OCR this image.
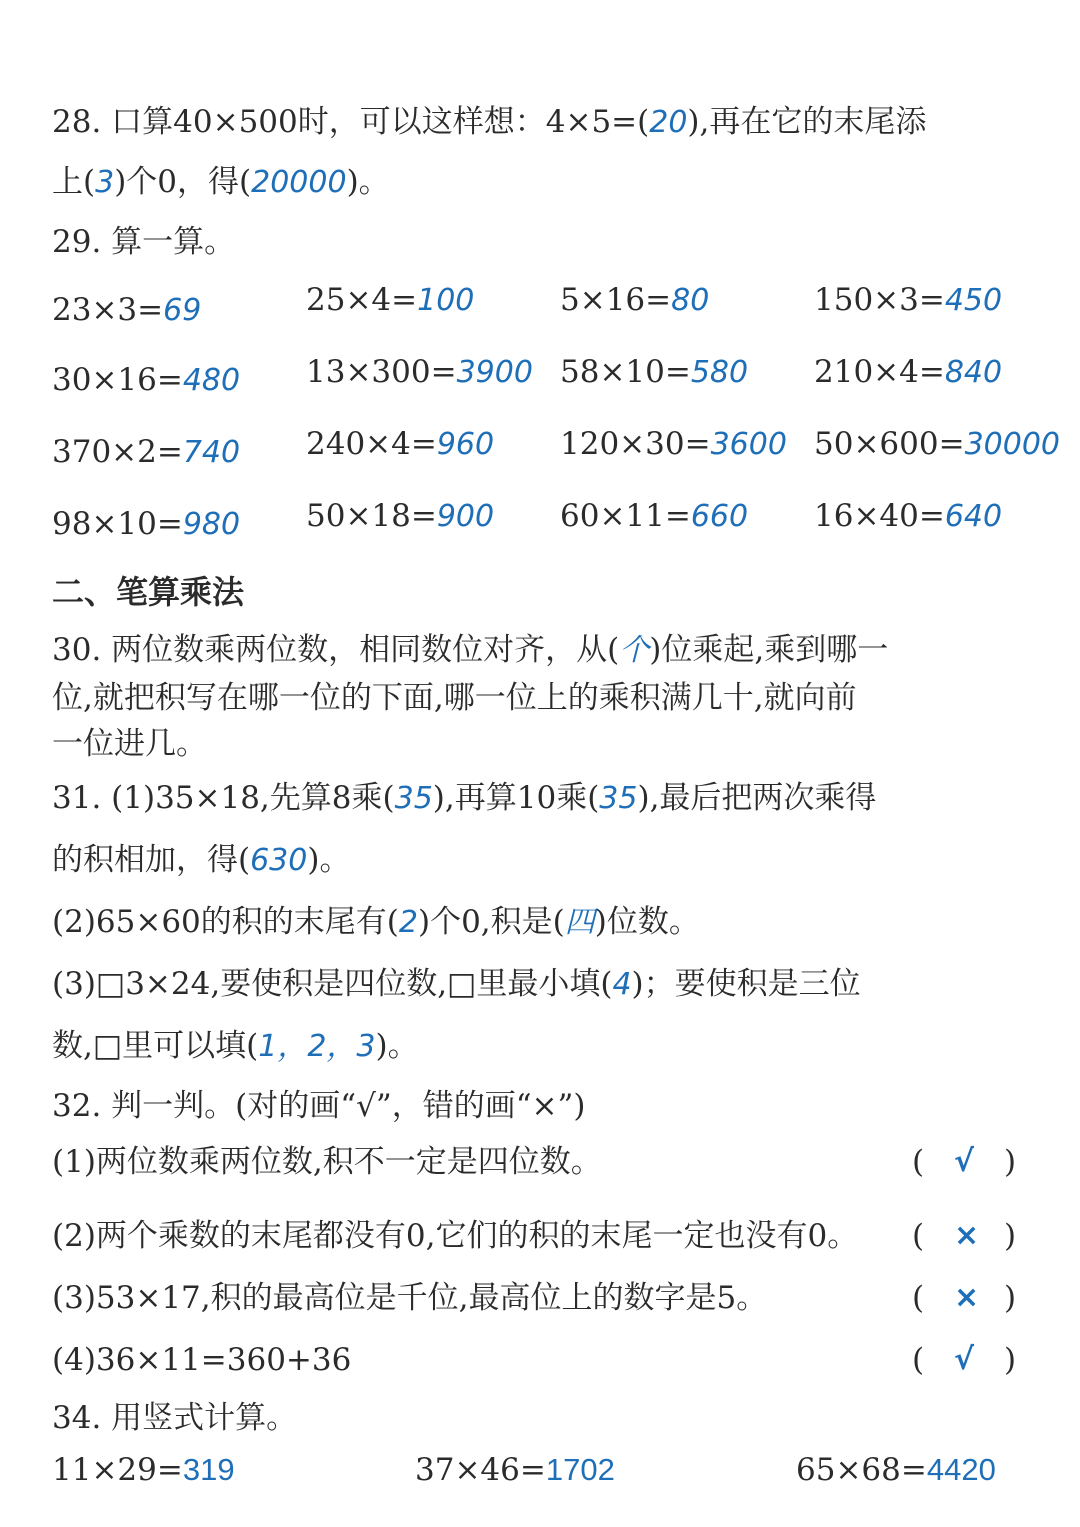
28. 口算40×500时，可以这样想：4×5=(20),再在它的末尾添
上(3)个0，得(20000)。
29. 算一算。
23×3=69	25×4=100	5×16=80	150×3=450
30×16=480 13×300=3900 58×10=580 210×4=840
370×2=740 240×4=960 120×30=3600 50×600=30000
98×10=980 50×18=900 60×11=660 16×40=640
二、笔算乘法
30. 两位数乘两位数，相同数位对齐，从(个)位乘起,乘到哪一
位,就把积写在哪一位的下面,哪一位上的乘积满几十,就向前
一位进几。
31. (1)35×18,先算8乘(35),再算10乘(35),最后把两次乘得
的积相加，得(630)。
(2)65×60的积的末尾有(2)个0,积是(四)位数。
(3)□3×24,要使积是四位数,□里最小填(4)；要使积是三位
数,□里可以填(1，2，3)。
32. 判一判。(对的画“√”，错的画“×”)
(1)两位数乘两位数,积不一定是四位数。	( √ )
(2)两个乘数的末尾都没有0,它们的积的末尾一定也没有0。 ( × )
(3)53×17,积的最高位是千位,最高位上的数字是5。	( × )
(4)36×11=360+36	( √ )
34. 用竖式计算。
11×29=319	37×46=1702	65×68=4420
